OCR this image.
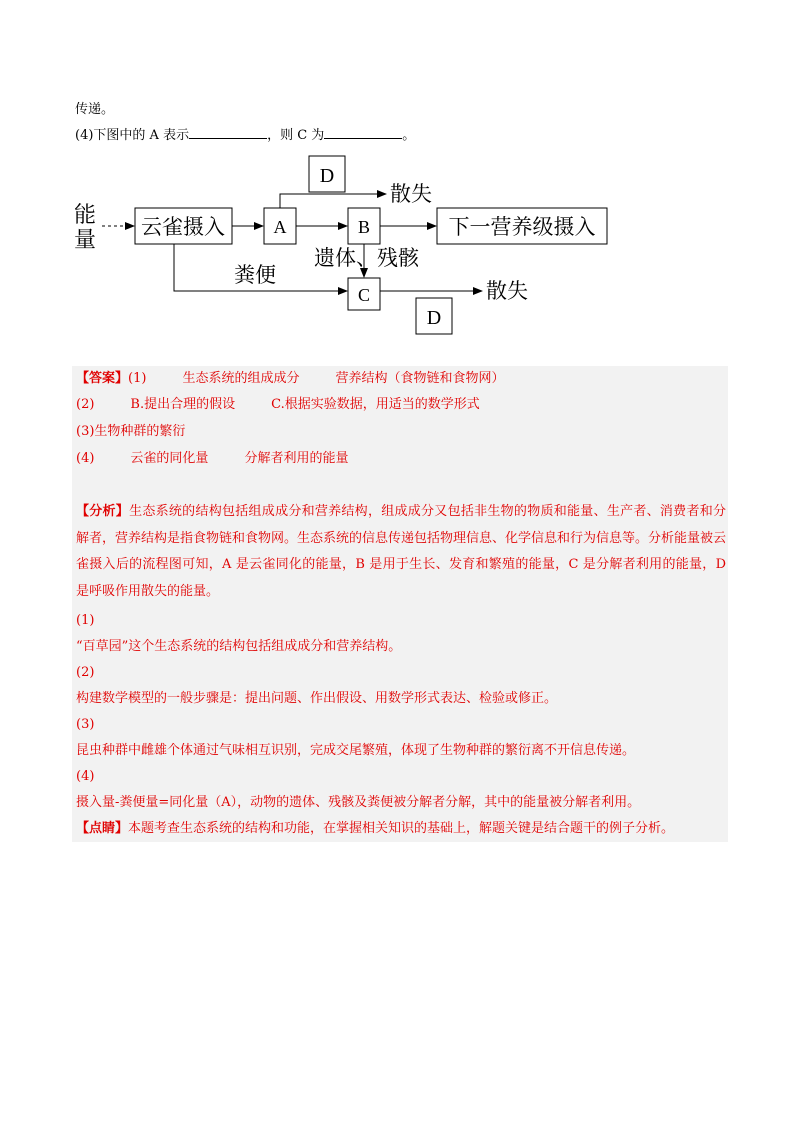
传递。
(4)下图中的 A 表示	，则 C 为	。
能
量 云雀摄入	A	B	下一营养级摄入
D
散失
遗体、残骸
粪便
C	散失
D
【答案】(1)	生态系统的组成成分	营养结构（食物链和食物网）
(2)	B.提出合理的假设	C.根据实验数据，用适当的数学形式
(3)生物种群的繁衍
(4)	云雀的同化量	分解者利用的能量
【分析】生态系统的结构包括组成成分和营养结构，组成成分又包括非生物的物质和能量、生产者、消费者和分解者，营养结构是指食物链和食物网。生态系统的信息传递包括物理信息、化学信息和行为信息等。分析能量被云雀摄入后的流程图可知，A 是云雀同化的能量，B 是用于生长、发育和繁殖的能量，C 是分解者利用的能量，D 是呼吸作用散失的能量。
(1)
“百草园”这个生态系统的结构包括组成成分和营养结构。
(2)
构建数学模型的一般步骤是：提出问题、作出假设、用数学形式表达、检验或修正。
(3)
昆虫种群中雌雄个体通过气味相互识别，完成交尾繁殖，体现了生物种群的繁衍离不开信息传递。
(4)
摄入量-粪便量=同化量（A），动物的遗体、残骸及粪便被分解者分解，其中的能量被分解者利用。
【点睛】本题考查生态系统的结构和功能，在掌握相关知识的基础上，解题关键是结合题干的例子分析。
